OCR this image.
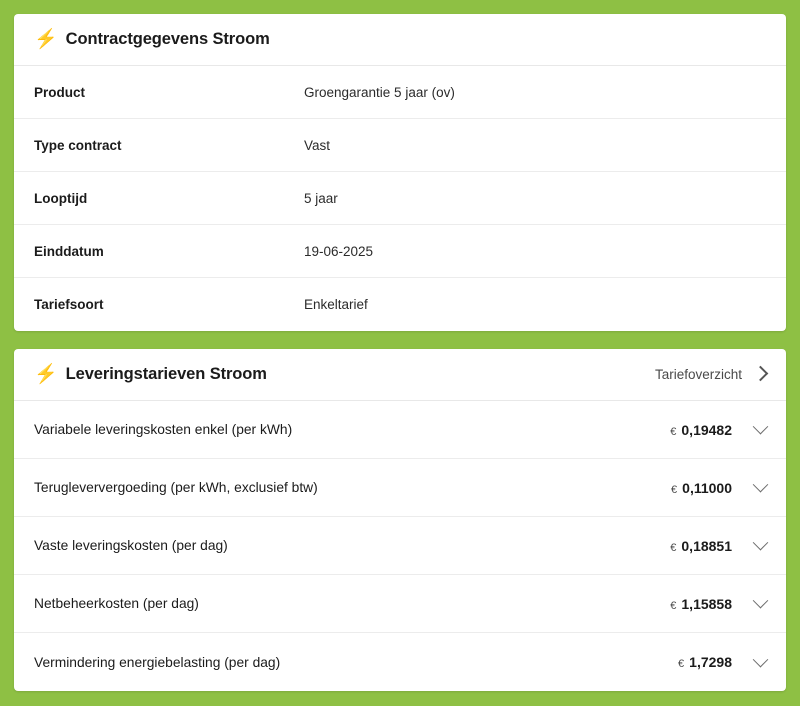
⚡ Contractgegevens Stroom
Product	Groengarantie 5 jaar (ov)
Type contract	Vast
Looptijd	5 jaar
Einddatum	19-06-2025
Tariefsoort	Enkeltarief
⚡ Leveringstarieven Stroom	Tariefoverzicht
Variabele leveringskosten enkel (per kWh)	€ 0,19482
Terugleververgoeding (per kWh, exclusief btw)	€ 0,11000
Vaste leveringskosten (per dag)	€ 0,18851
Netbeheerkosten (per dag)	€ 1,15858
Vermindering energiebelasting (per dag)	€ 1,7298
